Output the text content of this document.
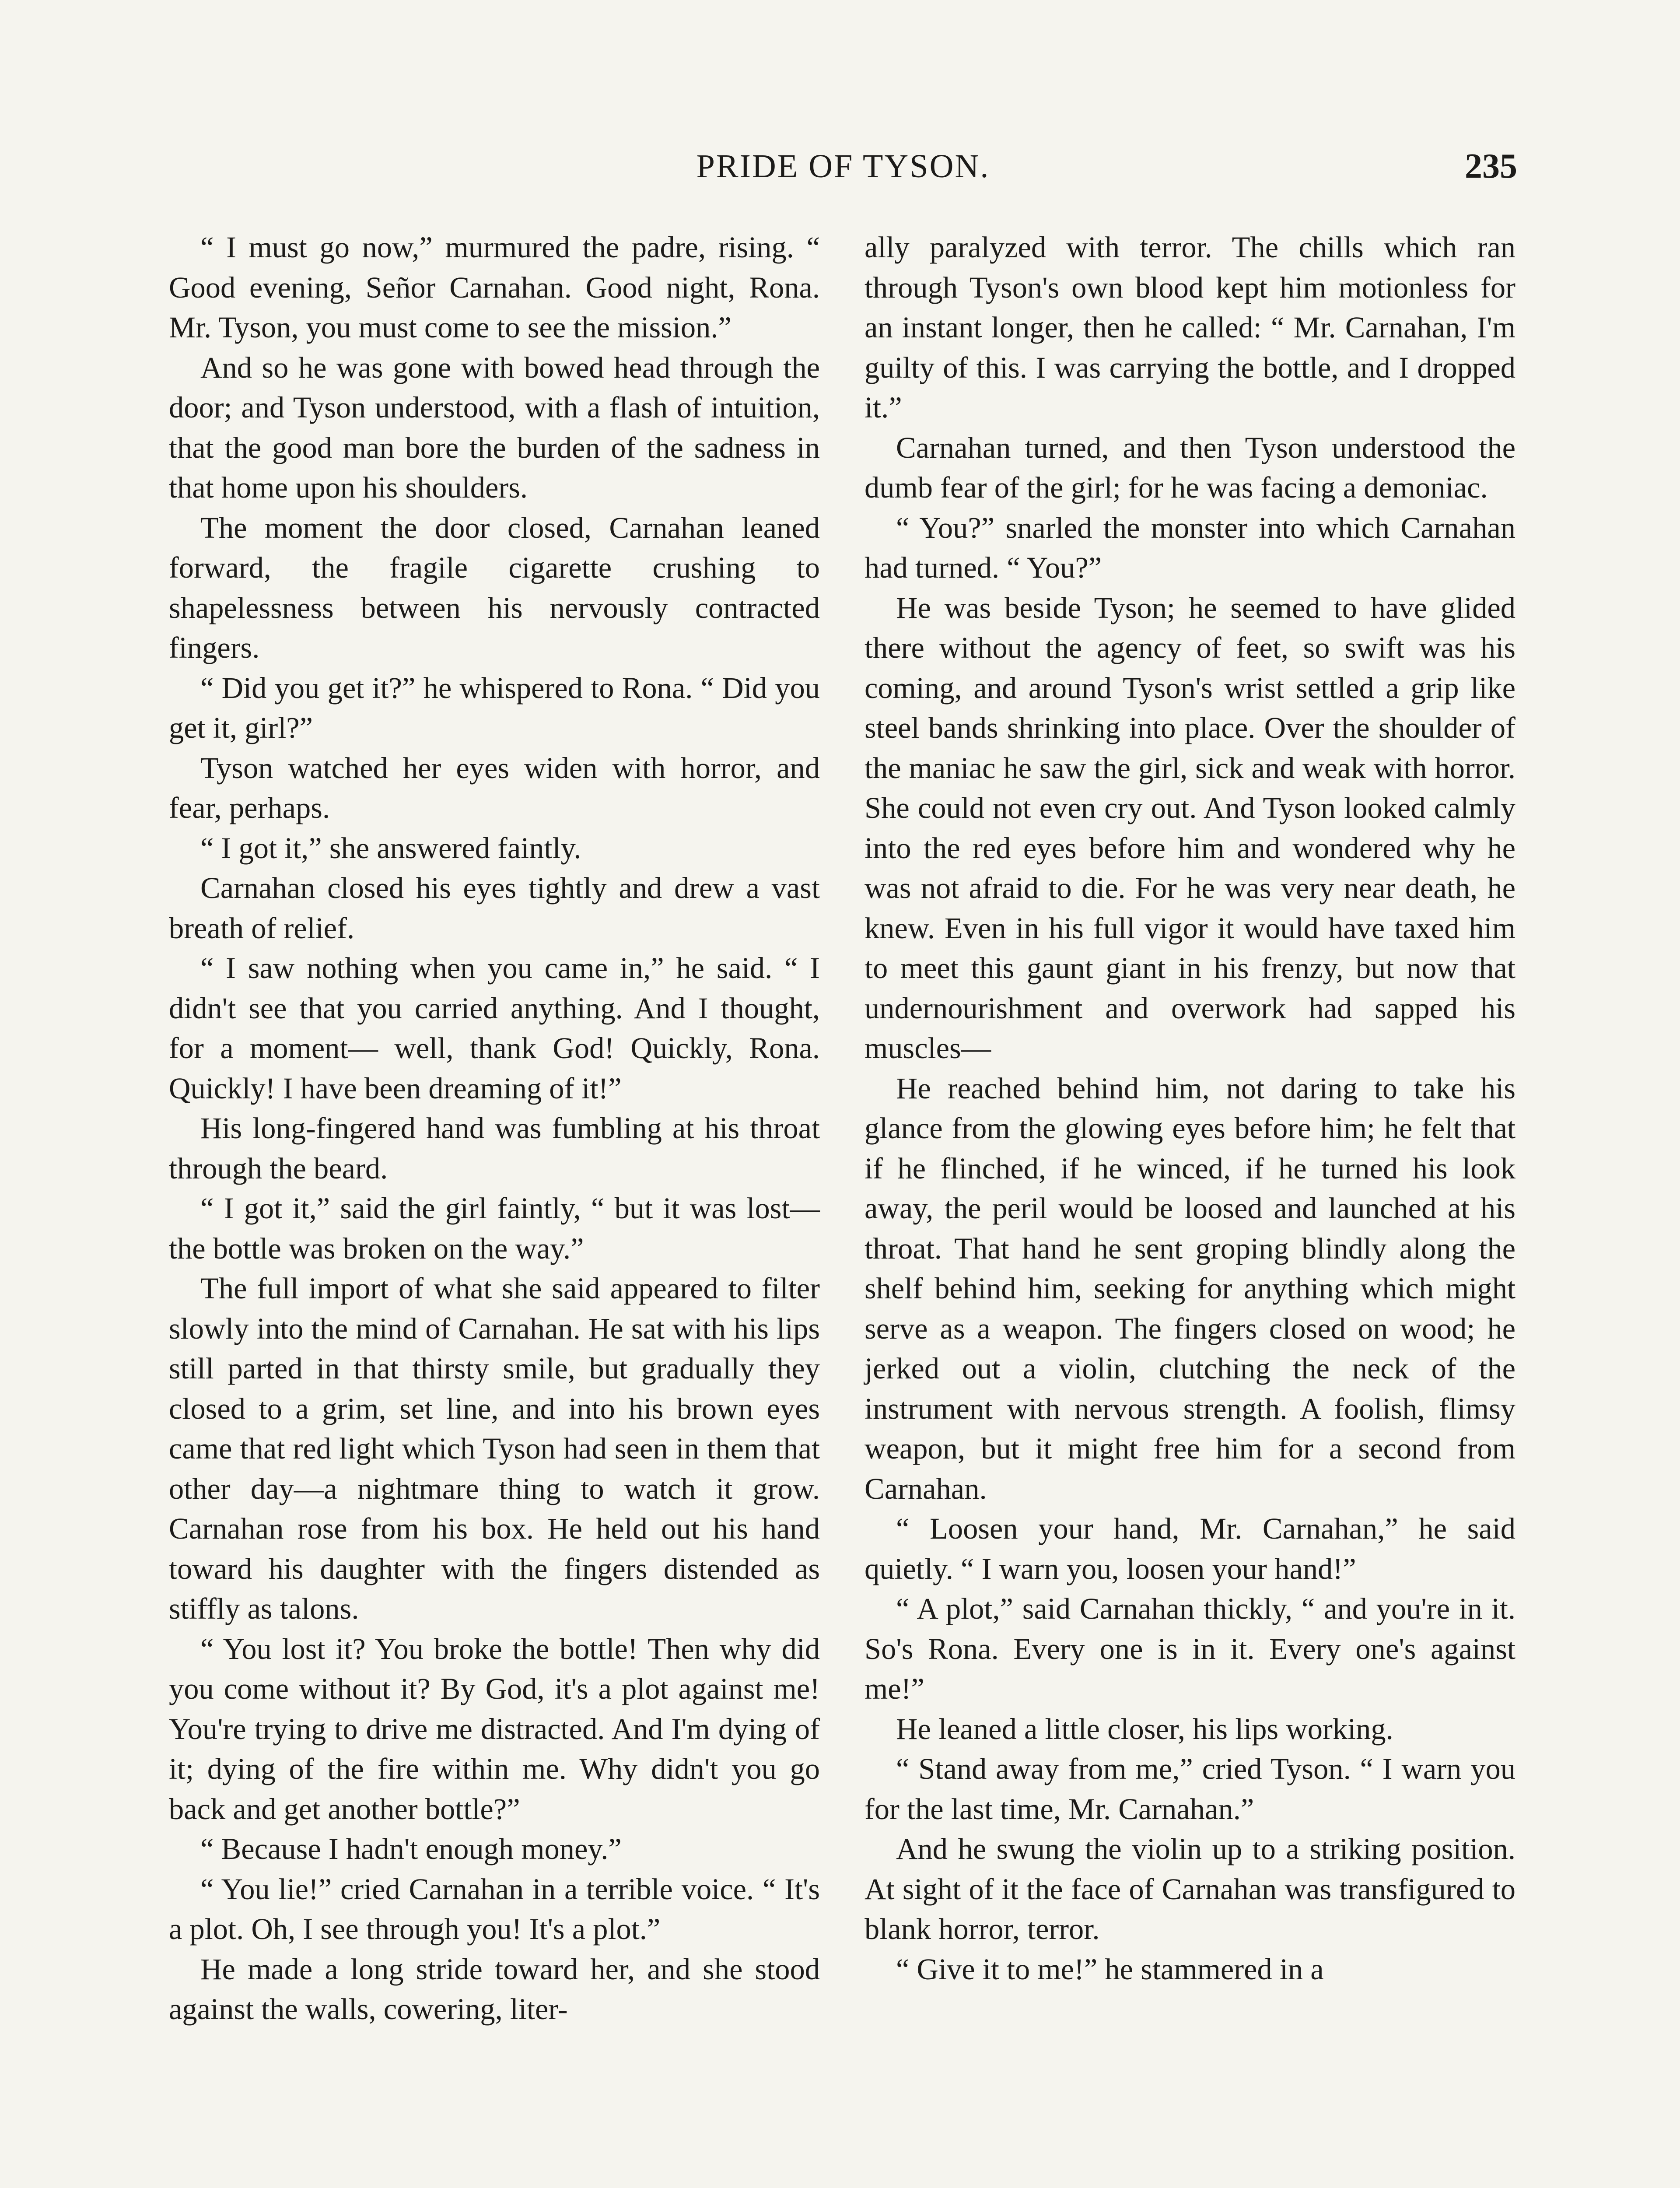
PRIDE OF TYSON.	235

“ I must go now,” murmured the padre, rising. “ Good evening, Señor Carnahan. Good night, Rona. Mr. Tyson, you must come to see the mission.”

And so he was gone with bowed head through the door; and Tyson understood, with a flash of intuition, that the good man bore the burden of the sadness in that home upon his shoulders.

The moment the door closed, Carnahan leaned forward, the fragile cigarette crushing to shapelessness between his nervously contracted fingers.

“ Did you get it?” he whispered to Rona. “ Did you get it, girl?”

Tyson watched her eyes widen with horror, and fear, perhaps.

“ I got it,” she answered faintly.

Carnahan closed his eyes tightly and drew a vast breath of relief.

“ I saw nothing when you came in,” he said. “ I didn't see that you carried anything. And I thought, for a moment— well, thank God! Quickly, Rona. Quickly! I have been dreaming of it!”

His long-fingered hand was fumbling at his throat through the beard.

“ I got it,” said the girl faintly, “ but it was lost—the bottle was broken on the way.”

The full import of what she said appeared to filter slowly into the mind of Carnahan. He sat with his lips still parted in that thirsty smile, but gradually they closed to a grim, set line, and into his brown eyes came that red light which Tyson had seen in them that other day—a nightmare thing to watch it grow. Carnahan rose from his box. He held out his hand toward his daughter with the fingers distended as stiffly as talons.

“ You lost it? You broke the bottle! Then why did you come without it? By God, it's a plot against me! You're trying to drive me distracted. And I'm dying of it; dying of the fire within me. Why didn't you go back and get another bottle?”

“ Because I hadn't enough money.”

“ You lie!” cried Carnahan in a terrible voice. “ It's a plot. Oh, I see through you! It's a plot.”

He made a long stride toward her, and she stood against the walls, cowering, liter-

ally paralyzed with terror. The chills which ran through Tyson's own blood kept him motionless for an instant longer, then he called: “ Mr. Carnahan, I'm guilty of this. I was carrying the bottle, and I dropped it.”

Carnahan turned, and then Tyson understood the dumb fear of the girl; for he was facing a demoniac.

“ You?” snarled the monster into which Carnahan had turned. “ You?”

He was beside Tyson; he seemed to have glided there without the agency of feet, so swift was his coming, and around Tyson's wrist settled a grip like steel bands shrinking into place. Over the shoulder of the maniac he saw the girl, sick and weak with horror. She could not even cry out. And Tyson looked calmly into the red eyes before him and wondered why he was not afraid to die. For he was very near death, he knew. Even in his full vigor it would have taxed him to meet this gaunt giant in his frenzy, but now that undernourishment and overwork had sapped his muscles—

He reached behind him, not daring to take his glance from the glowing eyes before him; he felt that if he flinched, if he winced, if he turned his look away, the peril would be loosed and launched at his throat. That hand he sent groping blindly along the shelf behind him, seeking for anything which might serve as a weapon. The fingers closed on wood; he jerked out a violin, clutching the neck of the instrument with nervous strength. A foolish, flimsy weapon, but it might free him for a second from Carnahan.

“ Loosen your hand, Mr. Carnahan,” he said quietly. “ I warn you, loosen your hand!”

“ A plot,” said Carnahan thickly, “ and you're in it. So's Rona. Every one is in it. Every one's against me!”

He leaned a little closer, his lips working.

“ Stand away from me,” cried Tyson. “ I warn you for the last time, Mr. Carnahan.”

And he swung the violin up to a striking position. At sight of it the face of Carnahan was transfigured to blank horror, terror.

“ Give it to me!” he stammered in a
